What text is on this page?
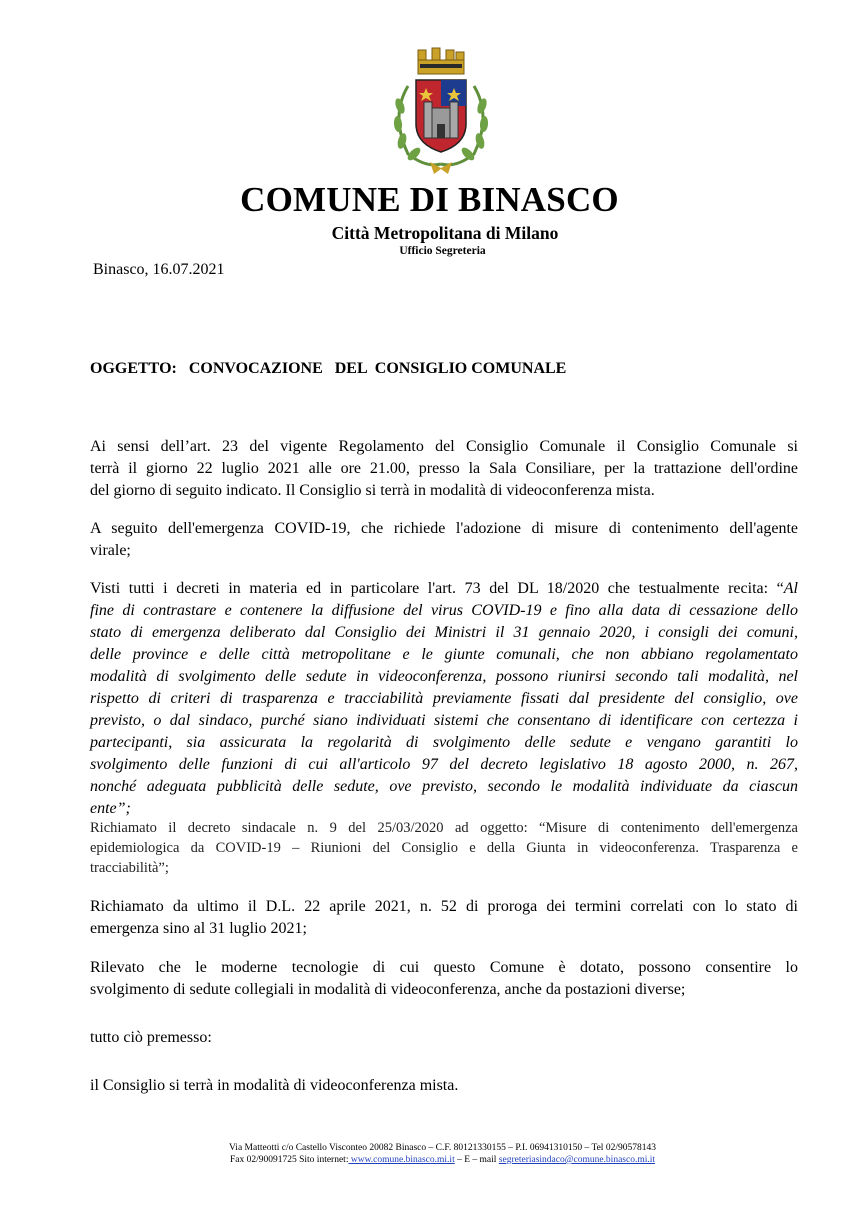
COMUNE DI BINASCO
Città Metropolitana di Milano
Ufficio Segreteria
Binasco, 16.07.2021
OGGETTO:   CONVOCAZIONE   DEL  CONSIGLIO COMUNALE
Ai sensi dell’art. 23 del vigente Regolamento del Consiglio Comunale il Consiglio Comunale si
terrà il giorno 22 luglio 2021 alle ore 21.00, presso la Sala Consiliare, per la trattazione dell'ordine
del giorno di seguito indicato. Il Consiglio si terrà in modalità di videoconferenza mista.
A seguito dell'emergenza COVID-19, che richiede l'adozione di misure di contenimento dell'agente
virale;
Visti tutti i decreti in materia ed in particolare l'art. 73 del DL 18/2020 che testualmente recita: “Al
fine di contrastare e contenere la diffusione del virus COVID-19 e fino alla data di cessazione dello
stato di emergenza deliberato dal Consiglio dei Ministri il 31 gennaio 2020, i consigli dei comuni,
delle province e delle città metropolitane e le giunte comunali, che non abbiano regolamentato
modalità di svolgimento delle sedute in videoconferenza, possono riunirsi secondo tali modalità, nel
rispetto di criteri di trasparenza e tracciabilità previamente fissati dal presidente del consiglio, ove
previsto, o dal sindaco, purché siano individuati sistemi che consentano di identificare con certezza i
partecipanti, sia assicurata la regolarità di svolgimento delle sedute e vengano garantiti lo
svolgimento delle funzioni di cui all'articolo 97 del decreto legislativo 18 agosto 2000, n. 267,
nonché adeguata pubblicità delle sedute, ove previsto, secondo le modalità individuate da ciascun
ente”;
Richiamato il decreto sindacale n. 9 del 25/03/2020 ad oggetto: “Misure di contenimento dell'emergenza
epidemiologica da COVID-19 – Riunioni del Consiglio e della Giunta in videoconferenza. Trasparenza e
tracciabilità”;
Richiamato da ultimo il D.L. 22 aprile 2021, n. 52 di proroga dei termini correlati con lo stato di
emergenza sino al 31 luglio 2021;
Rilevato che le moderne tecnologie di cui questo Comune è dotato, possono consentire lo
svolgimento di sedute collegiali in modalità di videoconferenza, anche da postazioni diverse;
tutto ciò premesso:
il Consiglio si terrà in modalità di videoconferenza mista.
Via Matteotti c/o Castello Visconteo 20082 Binasco – C.F. 80121330155 – P.I. 06941310150 – Tel 02/90578143
Fax 02/90091725 Sito internet: www.comune.binasco.mi.it – E – mail segreteriasindaco@comune.binasco.mi.it
